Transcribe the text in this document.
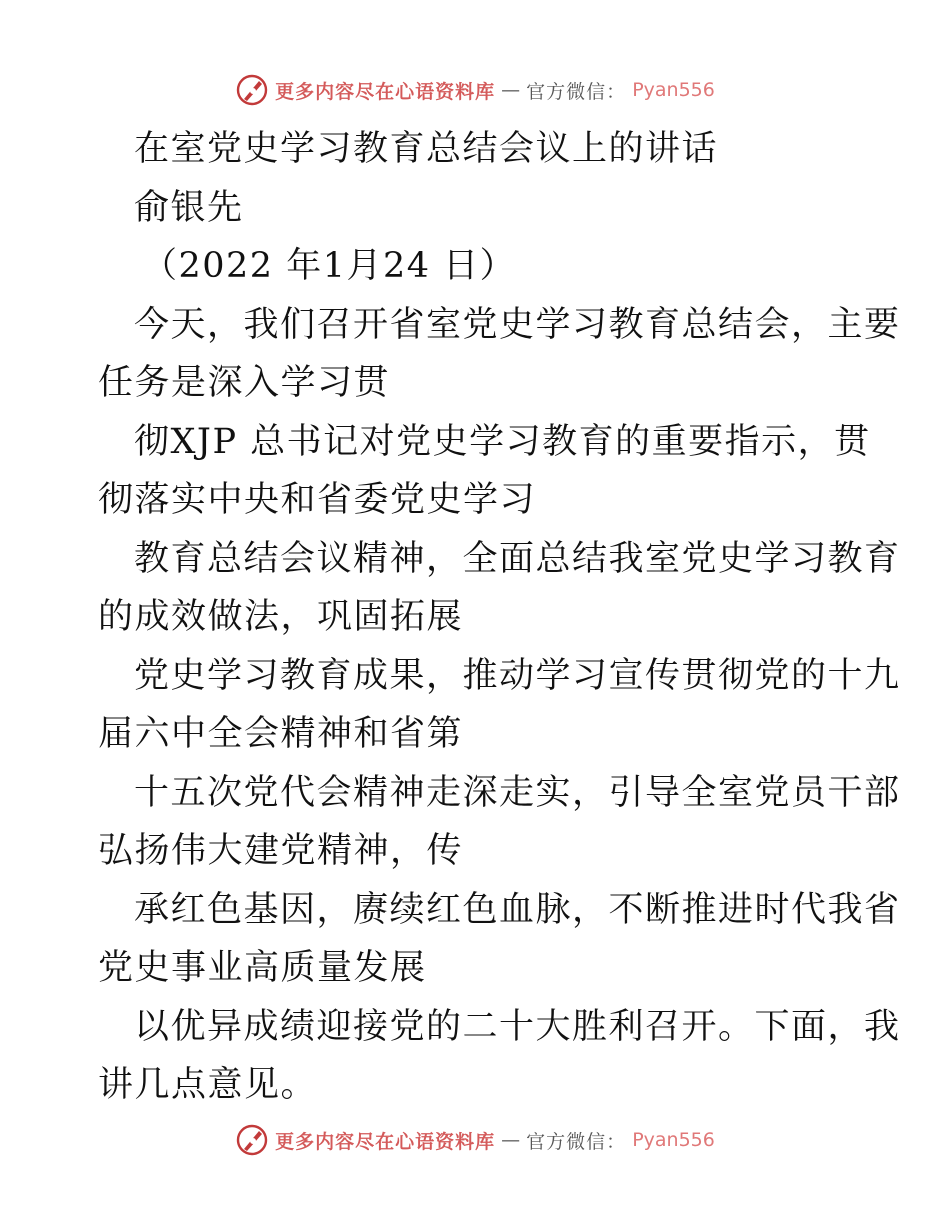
更多内容尽在心语资料库 — 官方微信： Pyan556
在室党史学习教育总结会议上的讲话
俞银先
（2022 年1月24 日）
今天，我们召开省室党史学习教育总结会，主要
任务是深入学习贯
彻XJP 总书记对党史学习教育的重要指示，贯
彻落实中央和省委党史学习
教育总结会议精神，全面总结我室党史学习教育
的成效做法，巩固拓展
党史学习教育成果，推动学习宣传贯彻党的十九
届六中全会精神和省第
十五次党代会精神走深走实，引导全室党员干部
弘扬伟大建党精神，传
承红色基因，赓续红色血脉，不断推进时代我省
党史事业高质量发展
以优异成绩迎接党的二十大胜利召开。下面，我
讲几点意见。
更多内容尽在心语资料库 — 官方微信： Pyan556
